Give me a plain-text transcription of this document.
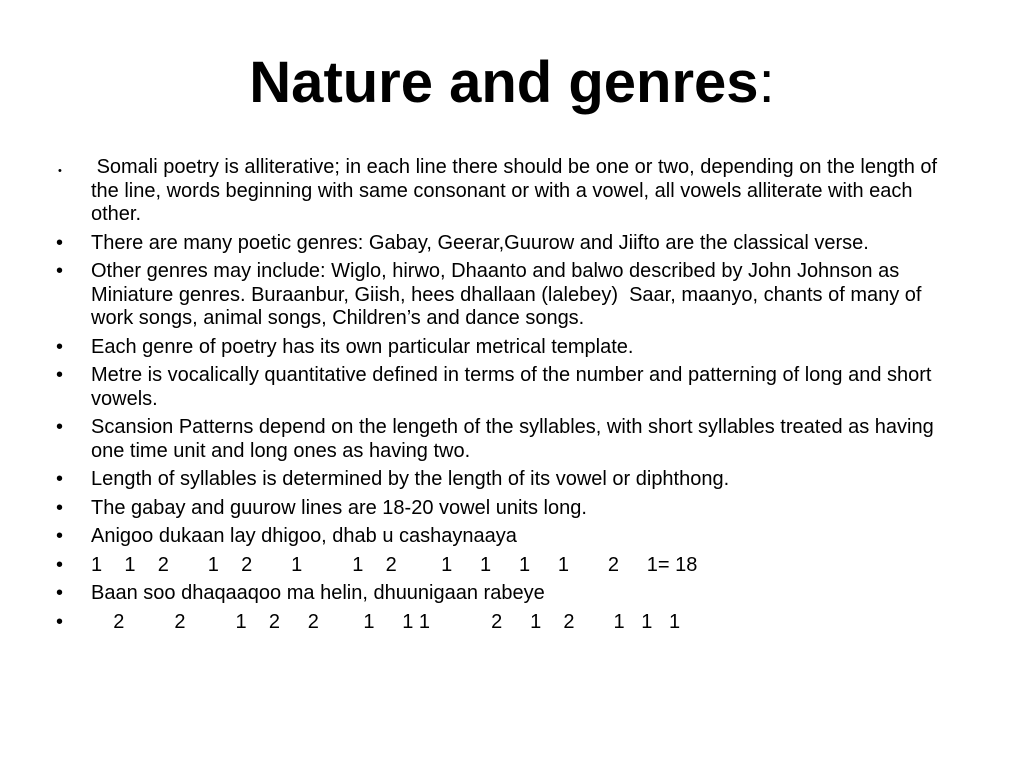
Nature and genres:
• Somali poetry is alliterative; in each line there should be one or two, depending on the length of the line, words beginning with same consonant or with a vowel, all vowels alliterate with each other.
• There are many poetic genres: Gabay, Geerar,Guurow and Jiifto are the classical verse.
• Other genres may include: Wiglo, hirwo, Dhaanto and balwo described by John Johnson as Miniature genres. Buraanbur, Giish, hees dhallaan (lalebey)  Saar, maanyo, chants of many of work songs, animal songs, Children’s and dance songs.
• Each genre of poetry has its own particular metrical template.
• Metre is vocalically quantitative defined in terms of the number and patterning of long and short vowels.
• Scansion Patterns depend on the lengeth of the syllables, with short syllables treated as having one time unit and long ones as having two.
• Length of syllables is determined by the length of its vowel or diphthong.
• The gabay and guurow lines are 18-20 vowel units long.
• Anigoo dukaan lay dhigoo, dhab u cashaynaaya
• 1    1    2       1    2       1         1    2        1     1     1     1       2     1= 18
• Baan soo dhaqaaqoo ma helin, dhuunigaan rabeye
• 2         2         1    2     2        1     1 1           2     1    2       1   1   1
